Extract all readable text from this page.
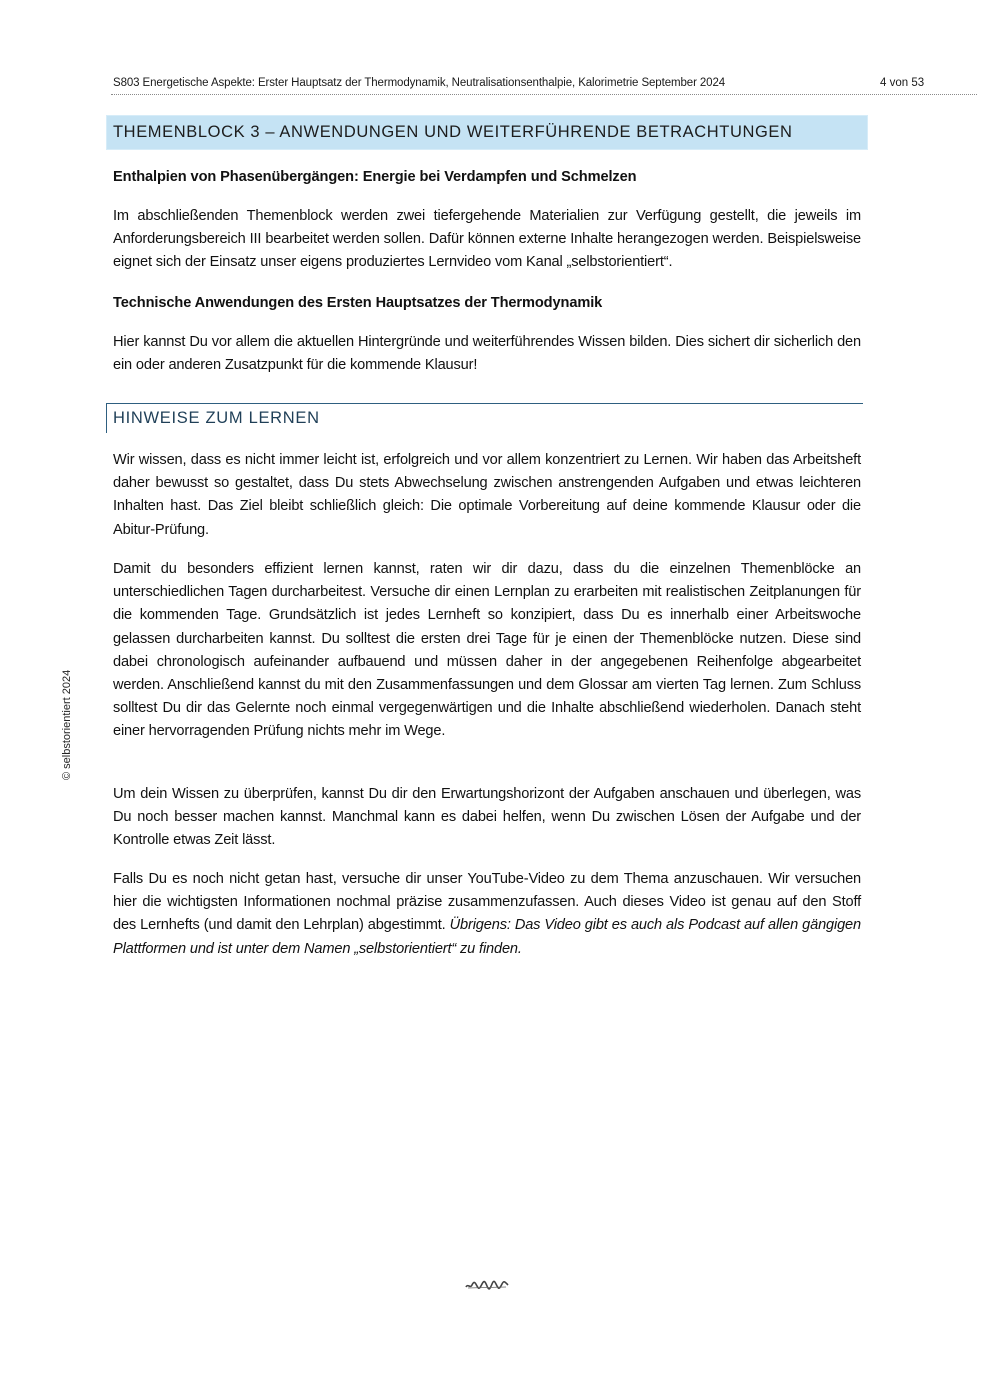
S803 Energetische Aspekte: Erster Hauptsatz der Thermodynamik, Neutralisationsenthalpie, Kalorimetrie September 2024	4 von 53
© selbstorientiert 2024
THEMENBLOCK 3 – ANWENDUNGEN UND WEITERFÜHRENDE BETRACHTUNGEN
Enthalpien von Phasenübergängen: Energie bei Verdampfen und Schmelzen
Im abschließenden Themenblock werden zwei tiefergehende Materialien zur Verfügung gestellt, die jeweils im Anforderungsbereich III bearbeitet werden sollen. Dafür können externe Inhalte herangezogen werden. Beispielsweise eignet sich der Einsatz unser eigens produziertes Lernvideo vom Kanal „selbstorientiert“.
Technische Anwendungen des Ersten Hauptsatzes der Thermodynamik
Hier kannst Du vor allem die aktuellen Hintergründe und weiterführendes Wissen bilden. Dies sichert dir sicherlich den ein oder anderen Zusatzpunkt für die kommende Klausur!
HINWEISE ZUM LERNEN
Wir wissen, dass es nicht immer leicht ist, erfolgreich und vor allem konzentriert zu Lernen. Wir haben das Arbeitsheft daher bewusst so gestaltet, dass Du stets Abwechselung zwischen anstrengenden Aufgaben und etwas leichteren Inhalten hast. Das Ziel bleibt schließlich gleich: Die optimale Vorbereitung auf deine kommende Klausur oder die Abitur-Prüfung.
Damit du besonders effizient lernen kannst, raten wir dir dazu, dass du die einzelnen Themenblöcke an unterschiedlichen Tagen durcharbeitest. Versuche dir einen Lernplan zu erarbeiten mit realistischen Zeitplanungen für die kommenden Tage. Grundsätzlich ist jedes Lernheft so konzipiert, dass Du es innerhalb einer Arbeitswoche gelassen durcharbeiten kannst. Du solltest die ersten drei Tage für je einen der Themenblöcke nutzen. Diese sind dabei chronologisch aufeinander aufbauend und müssen daher in der angegebenen Reihenfolge abgearbeitet werden. Anschließend kannst du mit den Zusammenfassungen und dem Glossar am vierten Tag lernen. Zum Schluss solltest Du dir das Gelernte noch einmal vergegenwärtigen und die Inhalte abschließend wiederholen. Danach steht einer hervorragenden Prüfung nichts mehr im Wege.
Um dein Wissen zu überprüfen, kannst Du dir den Erwartungshorizont der Aufgaben anschauen und überlegen, was Du noch besser machen kannst. Manchmal kann es dabei helfen, wenn Du zwischen Lösen der Aufgabe und der Kontrolle etwas Zeit lässt.
Falls Du es noch nicht getan hast, versuche dir unser YouTube-Video zu dem Thema anzuschauen. Wir versuchen hier die wichtigsten Informationen nochmal präzise zusammenzufassen. Auch dieses Video ist genau auf den Stoff des Lernhefts (und damit den Lehrplan) abgestimmt. Übrigens: Das Video gibt es auch als Podcast auf allen gängigen Plattformen und ist unter dem Namen „selbstorientiert“ zu finden.
